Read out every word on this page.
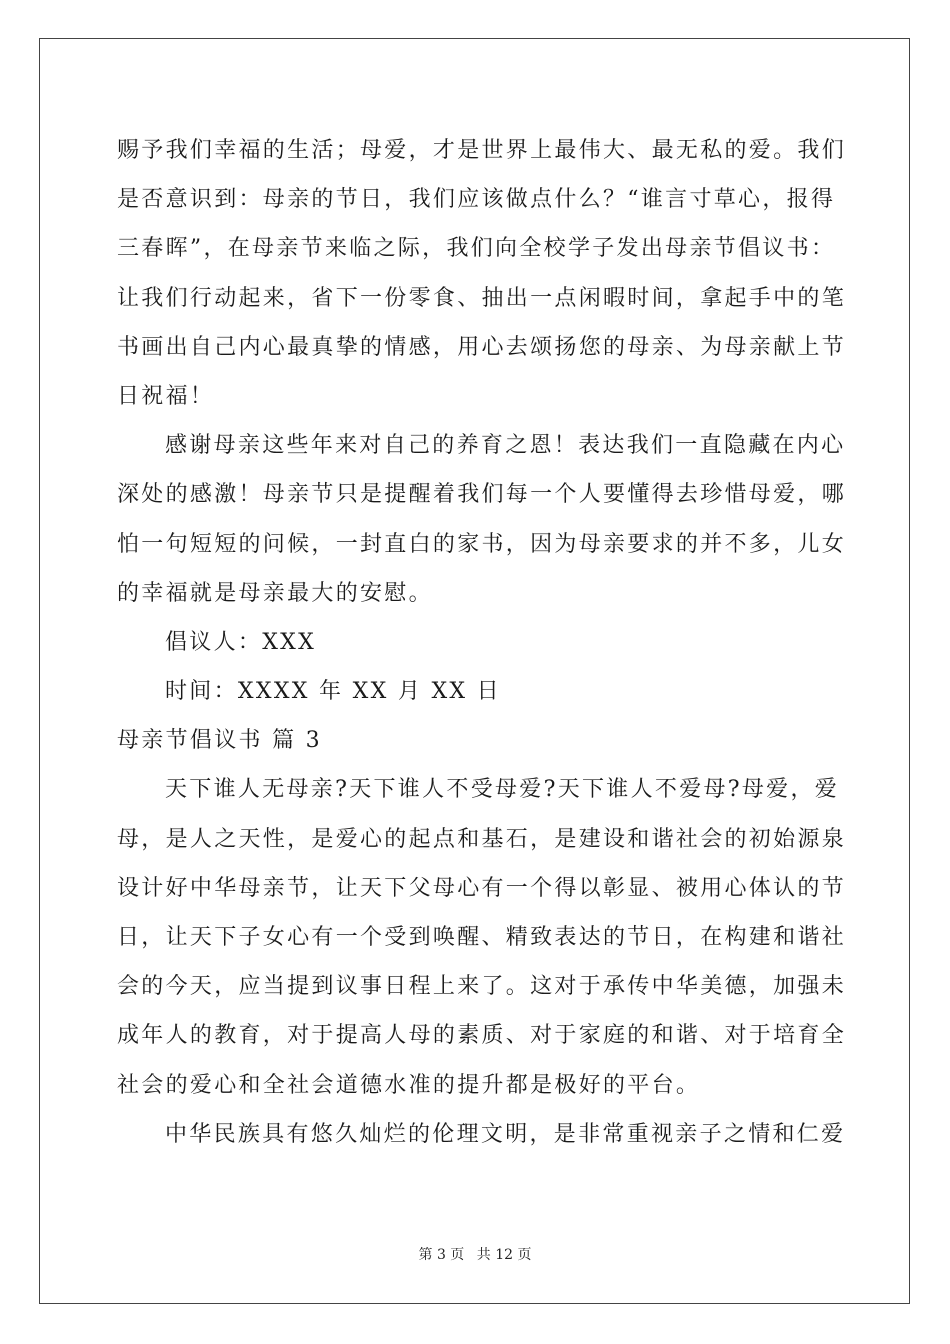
赐予我们幸福的生活；母爱，才是世界上最伟大、最无私的爱。我们
是否意识到：母亲的节日，我们应该做点什么？“谁言寸草心，报得
三春晖”，在母亲节来临之际，我们向全校学子发出母亲节倡议书：
让我们行动起来，省下一份零食、抽出一点闲暇时间，拿起手中的笔
书画出自己内心最真挚的情感，用心去颂扬您的母亲、为母亲献上节
日祝福！
感谢母亲这些年来对自己的养育之恩！表达我们一直隐藏在内心
深处的感激！母亲节只是提醒着我们每一个人要懂得去珍惜母爱，哪
怕一句短短的问候，一封直白的家书，因为母亲要求的并不多，儿女
的幸福就是母亲最大的安慰。
倡议人：XXX
时间：XXXX 年 XX 月 XX 日
母亲节倡议书 篇 3
天下谁人无母亲?天下谁人不受母爱?天下谁人不爱母?母爱，爱
母，是人之天性，是爱心的起点和基石，是建设和谐社会的初始源泉
设计好中华母亲节，让天下父母心有一个得以彰显、被用心体认的节
日，让天下子女心有一个受到唤醒、精致表达的节日，在构建和谐社
会的今天，应当提到议事日程上来了。这对于承传中华美德，加强未
成年人的教育，对于提高人母的素质、对于家庭的和谐、对于培育全
社会的爱心和全社会道德水准的提升都是极好的平台。
中华民族具有悠久灿烂的伦理文明，是非常重视亲子之情和仁爱
第 3 页 共 12 页
